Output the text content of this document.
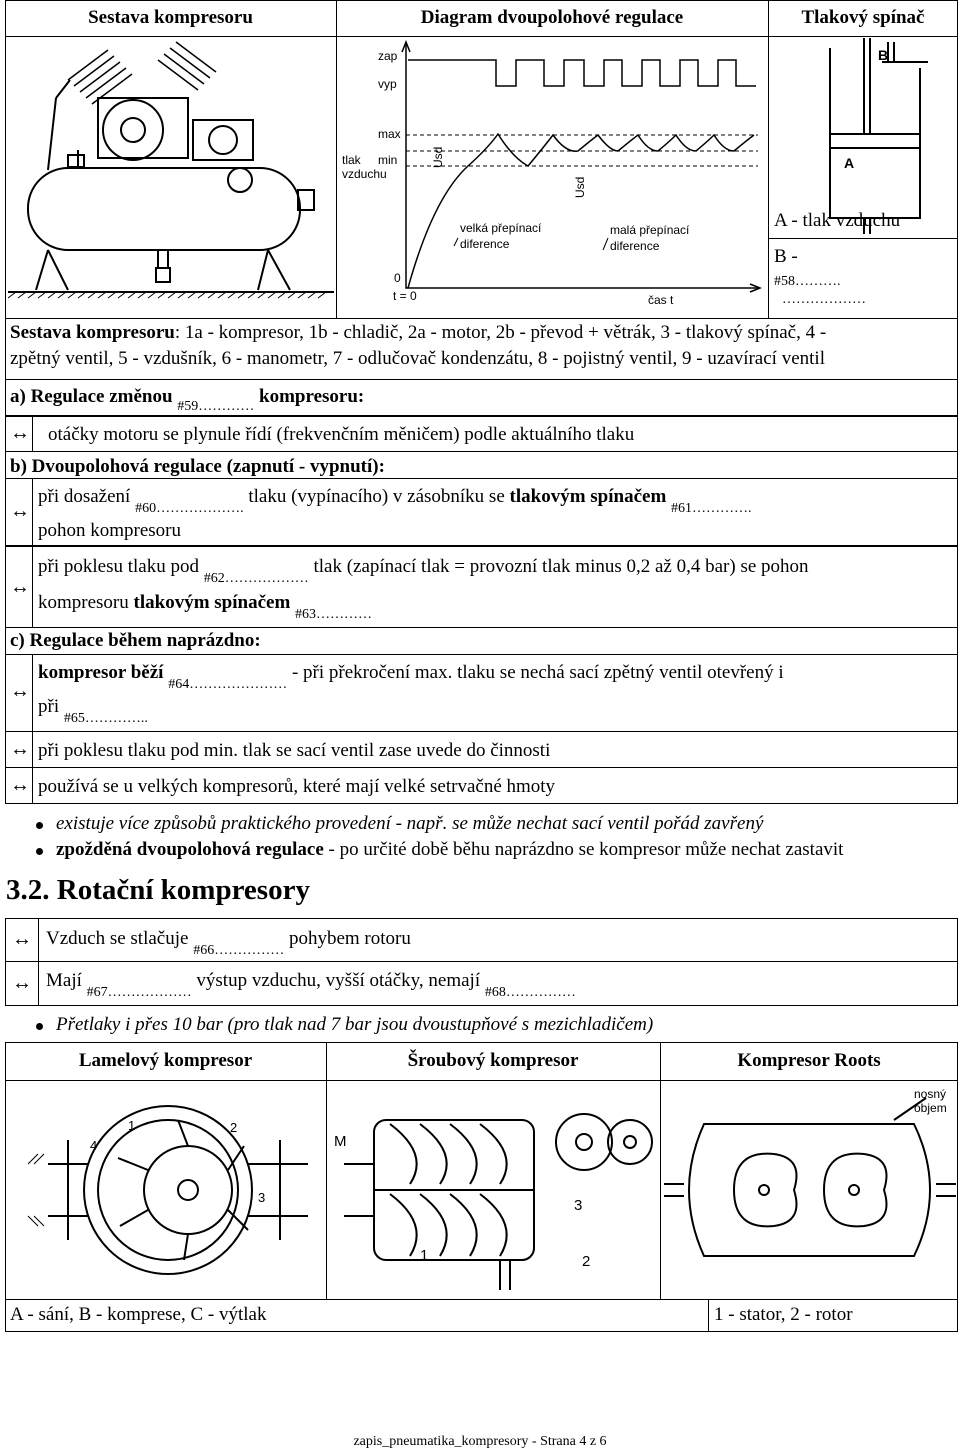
Sestava kompresoru	Diagram dvoupolohové regulace	Tlakový spínač
zap
vyp
max
tlak min
vzduchu
0
t = 0	čas t
velká přepínací
diference
malá přepínací
diference
Usd
Usd
B
A
A - tlak vzduchu
B -
#58……….
………………
Sestava kompresoru: 1a - kompresor, 1b - chladič, 2a - motor, 2b - převod + větrák, 3 - tlakový spínač, 4 -
zpětný ventil, 5 - vzdušník, 6 - manometr, 7 - odlučovač kondenzátu, 8 - pojistný ventil, 9 - uzavírací ventil
a) Regulace změnou $_{\#59\dots\dots\dots\dots}$ kompresoru:
↔ otáčky motoru se plynule řídí (frekvenčním měničem) podle aktuálního tlaku
b) Dvoupolohová regulace (zapnutí - vypnutí):
↔
při dosažení $_{\#60\dots\dots\dots\dots\dots\dots.}$ tlaku (vypínacího) v zásobníku se tlakovým spínačem $_{\#61\dots\dots\dots\dots.}$
pohon kompresoru
↔
při poklesu tlaku pod $_{\#62\dots\dots\dots\dots\dots\dots}$ tlak (zapínací tlak = provozní tlak minus 0,2 až 0,4 bar) se pohon
kompresoru tlakovým spínačem $_{\#63\dots\dots\dots\dots}$
c) Regulace během naprázdno:
↔
kompresor běží $_{\#64\dots\dots\dots\dots\dots\dots\dots}$ - při překročení max. tlaku se nechá sací zpětný ventil otevřený i
při $_{\#65\dots\dots\dots\dots..}$
↔ při poklesu tlaku pod min. tlak se sací ventil zase uvede do činnosti
↔ používá se u velkých kompresorů, které mají velké setrvačné hmoty
existuje více způsobů praktického provedení - např. se může nechat sací ventil pořád zavřený
zpožděná dvoupolohová regulace - po určité době běhu naprázdno se kompresor může nechat zastavit
3.2. Rotační kompresory
↔ Vzduch se stlačuje $_{\#66\dots\dots\dots\dots\dots}$ pohybem rotoru
↔ Mají $_{\#67\dots\dots\dots\dots\dots\dots}$ výstup vzduchu, vyšší otáčky, nemají $_{\#68\dots\dots\dots\dots\dots}$
Přetlaky i přes 10 bar (pro tlak nad 7 bar jsou dvoustupňové s mezichladičem)
Lamelový kompresor	Šroubový kompresor	Kompresor Roots
1	2
3
4	M
1	2
3
nosný
objem
A - sání, B - komprese, C - výtlak	1 - stator, 2 - rotor
zapis_pneumatika_kompresory - Strana 4 z 6
